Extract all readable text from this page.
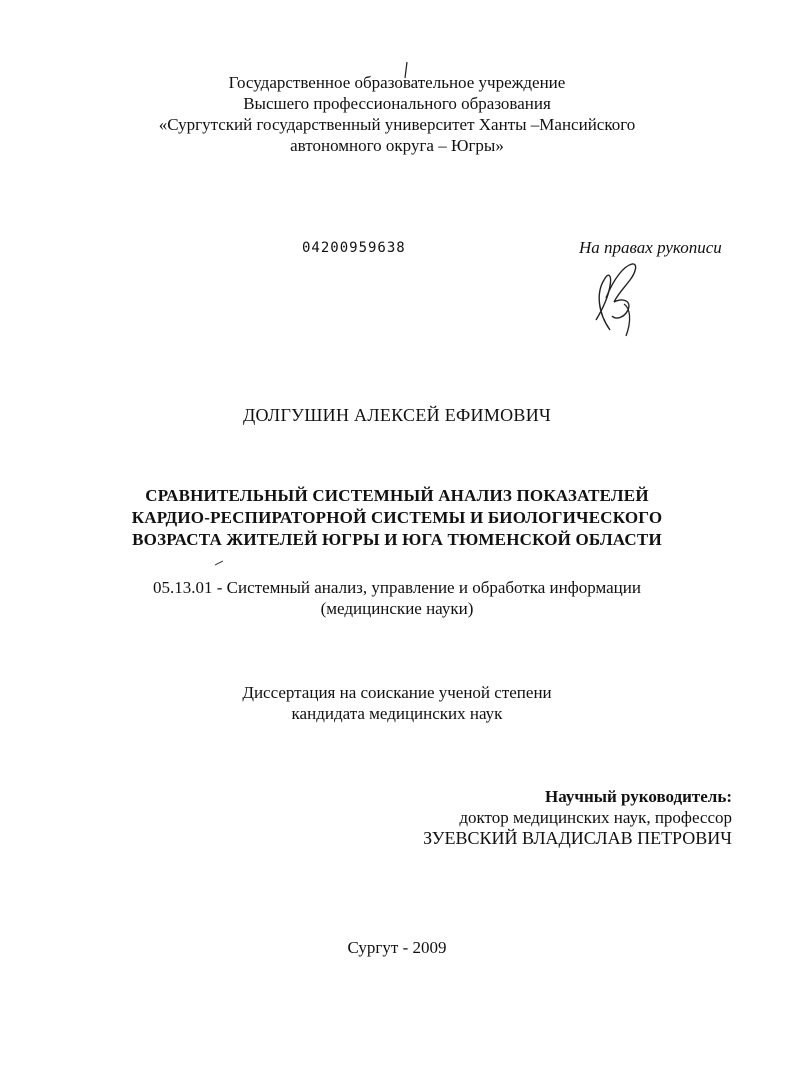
Государственное образовательное учреждение
Высшего профессионального образования
«Сургутский государственный университет Ханты –Мансийского
автономного округа – Югры»
04200959638	На правах рукописи
ДОЛГУШИН АЛЕКСЕЙ ЕФИМОВИЧ
СРАВНИТЕЛЬНЫЙ СИСТЕМНЫЙ АНАЛИЗ ПОКАЗАТЕЛЕЙ
КАРДИО-РЕСПИРАТОРНОЙ СИСТЕМЫ И БИОЛОГИЧЕСКОГО
ВОЗРАСТА ЖИТЕЛЕЙ ЮГРЫ И ЮГА ТЮМЕНСКОЙ ОБЛАСТИ
05.13.01 - Системный анализ, управление и обработка информации
(медицинские науки)
Диссертация на соискание ученой степени
кандидата медицинских наук
Научный руководитель:
доктор медицинских наук, профессор
ЗУЕВСКИЙ ВЛАДИСЛАВ ПЕТРОВИЧ
Сургут - 2009
